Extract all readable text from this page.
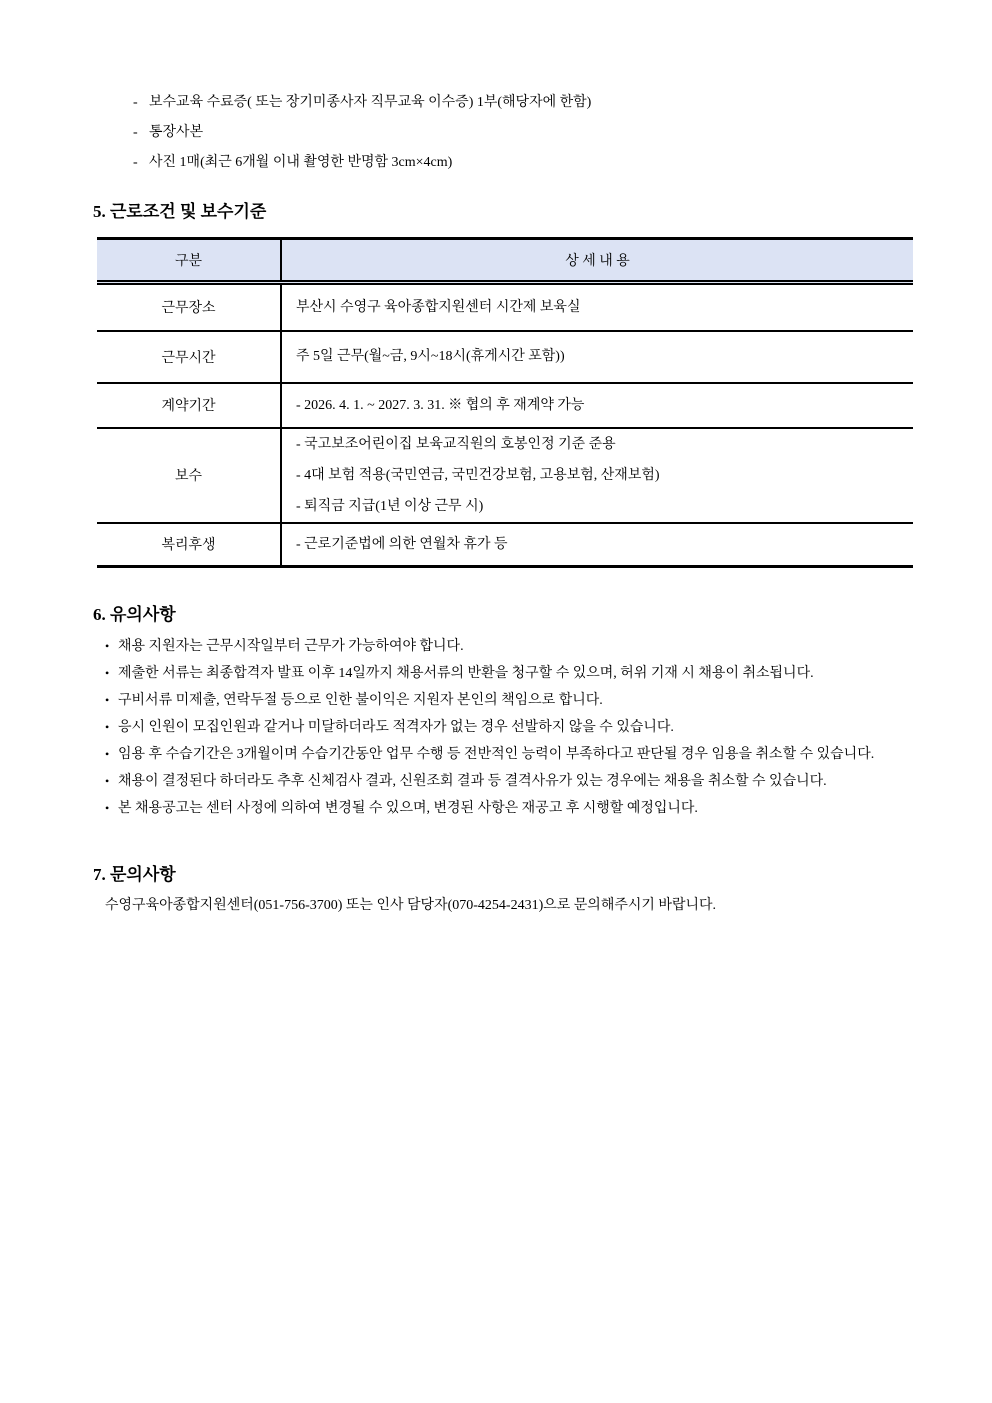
- 보수교육 수료증( 또는 장기미종사자 직무교육 이수증) 1부(해당자에 한함)
- 통장사본
- 사진 1매(최근 6개월 이내 촬영한 반명함 3cm×4cm)
5. 근로조건 및 보수기준
구분	상 세 내 용
근무장소	부산시 수영구 육아종합지원센터 시간제 보육실

근무시간	주 5일 근무(월~금, 9시~18시(휴게시간 포함))

계약기간	- 2026. 4. 1. ~ 2027. 3. 31. ※ 협의 후 재계약 가능

보수	- 국고보조어린이집 보육교직원의 호봉인정 기준 준용
- 4대 보험 적용(국민연금, 국민건강보험, 고용보험, 산재보험)
- 퇴직금 지급(1년 이상 근무 시)

복리후생	- 근로기준법에 의한 연월차 휴가 등
6. 유의사항
• 채용 지원자는 근무시작일부터 근무가 가능하여야 합니다.
• 제출한 서류는 최종합격자 발표 이후 14일까지 채용서류의 반환을 청구할 수 있으며, 허위 기재 시 채용이 취소됩니다.
• 구비서류 미제출, 연락두절 등으로 인한 불이익은 지원자 본인의 책임으로 합니다.
• 응시 인원이 모집인원과 같거나 미달하더라도 적격자가 없는 경우 선발하지 않을 수 있습니다.
• 임용 후 수습기간은 3개월이며 수습기간동안 업무 수행 등 전반적인 능력이 부족하다고 판단될 경우 임용을 취소할 수 있습니다.
• 채용이 결정된다 하더라도 추후 신체검사 결과, 신원조회 결과 등 결격사유가 있는 경우에는 채용을 취소할 수 있습니다.
• 본 채용공고는 센터 사정에 의하여 변경될 수 있으며, 변경된 사항은 재공고 후 시행할 예정입니다.
7. 문의사항
수영구육아종합지원센터(051-756-3700) 또는 인사 담당자(070-4254-2431)으로 문의해주시기 바랍니다.
